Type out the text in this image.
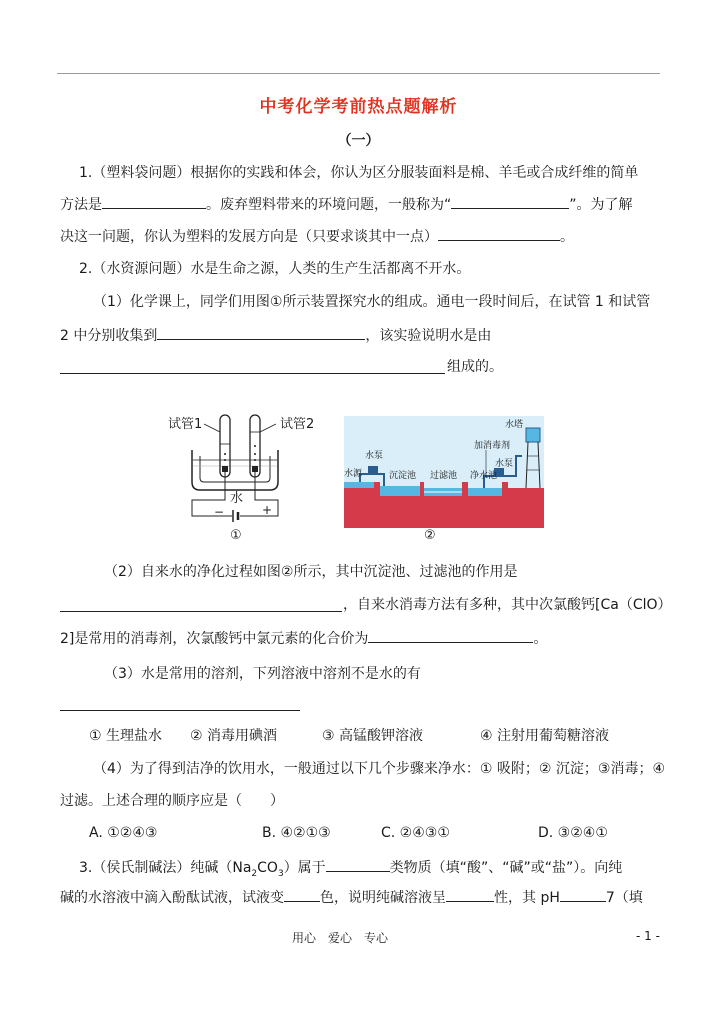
中考化学考前热点题解析
（一）
1.（塑料袋问题）根据你的实践和体会，你认为区分服装面料是棉、羊毛或合成纤维的简单
方法是	。废弃塑料带来的环境问题，一般称为“	”。为了解
决这一问题，你认为塑料的发展方向是（只要求谈其中一点）	。
2.（水资源问题）水是生命之源，人类的生产生活都离不开水。
（1）化学课上，同学们用图①所示装置探究水的组成。通电一段时间后，在试管 1 和试管
2 中分别收集到	，该实验说明水是由
组成的。
试管1	试管2
水
−	+
①
水塔
加消毒剂
水泵
水泵
水源	沉淀池 过滤池 净水池
②
（2）自来水的净化过程如图②所示，其中沉淀池、过滤池的作用是
，自来水消毒方法有多种，其中次氯酸钙[Ca（ClO）
2]是常用的消毒剂，次氯酸钙中氯元素的化合价为	。
（3）水是常用的溶剂，下列溶液中溶剂不是水的有
① 生理盐水 ② 消毒用碘酒	③ 高锰酸钾溶液	④ 注射用葡萄糖溶液
（4）为了得到洁净的饮用水，一般通过以下几个步骤来净水：① 吸附；② 沉淀；③消毒；④
过滤。上述合理的顺序应是（　　）
A. ①②④③	B. ④②①③	C. ②④③①	D. ③②④①
3.（侯氏制碱法）纯碱$(Na_2CO_3)$属于	类物质（填“酸”、“碱”或“盐”）。向纯
碱的水溶液中滴入酚酞试液，试液变	色，说明纯碱溶液呈	性，其 pH	7（填
用心　爱心　专心	- 1 -
